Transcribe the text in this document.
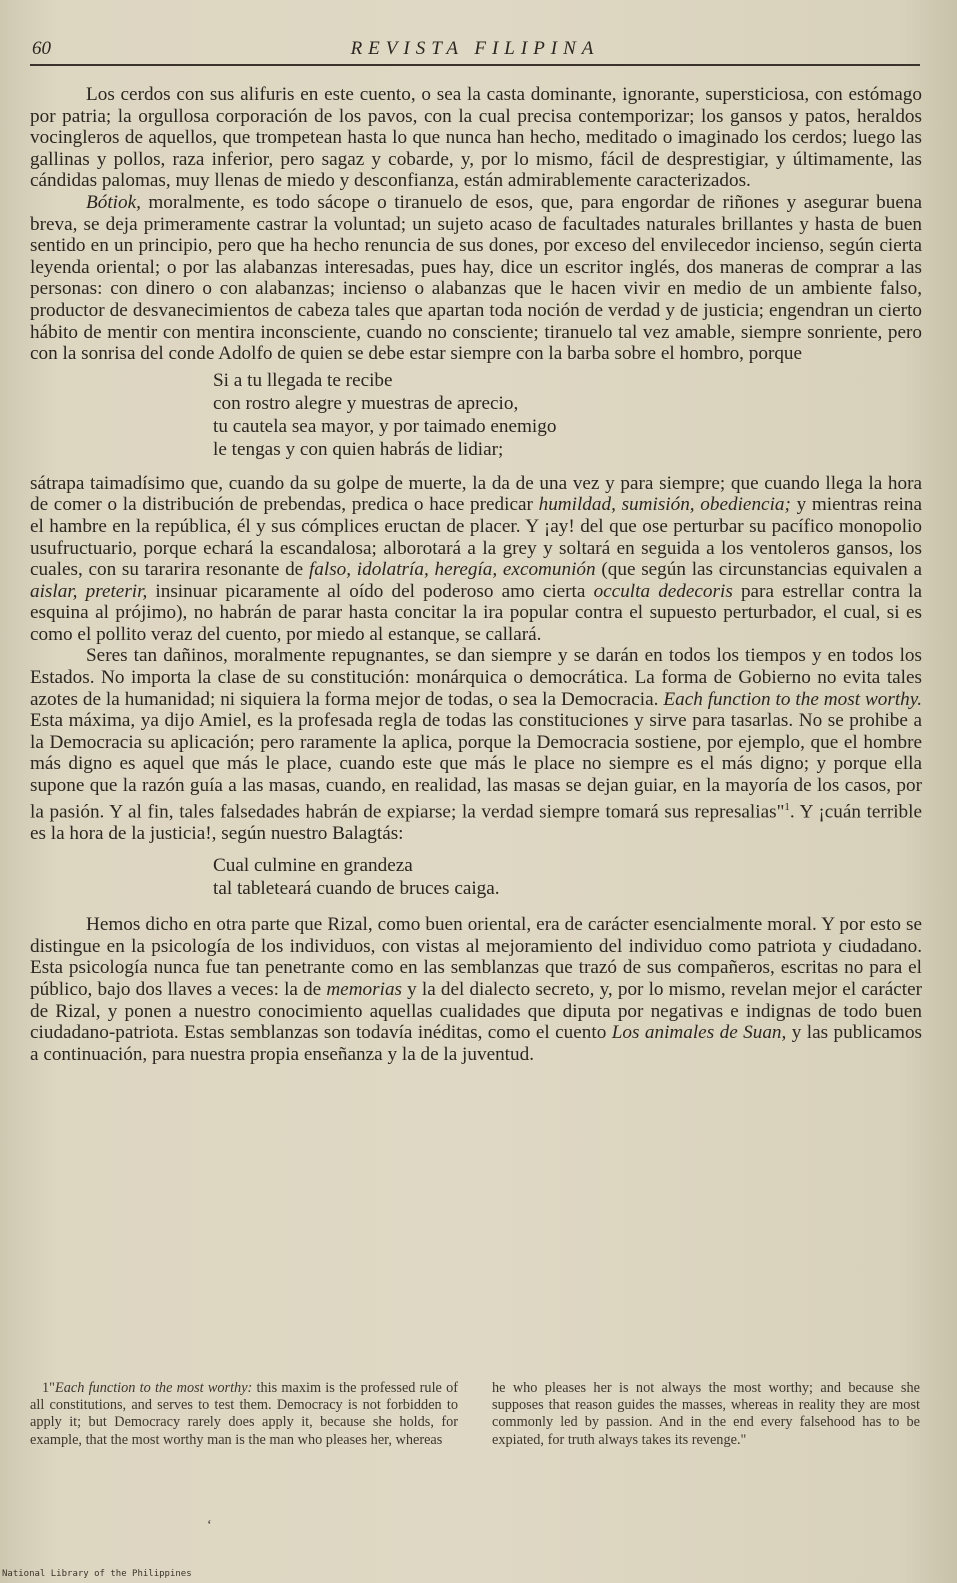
60	REVISTA FILIPINA

Los cerdos con sus alifuris en este cuento, o sea la casta dominante, ignorante, supersticiosa, con estómago por patria; la orgullosa corporación de los pavos, con la cual precisa contemporizar; los gansos y patos, heraldos vocingleros de aquellos, que trompetean hasta lo que nunca han hecho, meditado o imaginado los cerdos; luego las gallinas y pollos, raza inferior, pero sagaz y cobarde, y, por lo mismo, fácil de desprestigiar, y últimamente, las cándidas palomas, muy llenas de miedo y desconfianza, están admirablemente caracterizados.

Bótiok, moralmente, es todo sácope o tiranuelo de esos, que, para engordar de riñones y asegurar buena breva, se deja primeramente castrar la voluntad; un sujeto acaso de facultades naturales brillantes y hasta de buen sentido en un principio, pero que ha hecho renuncia de sus dones, por exceso del envilecedor incienso, según cierta leyenda oriental; o por las alabanzas interesadas, pues hay, dice un escritor inglés, dos maneras de comprar a las personas: con dinero o con alabanzas; incienso o alabanzas que le hacen vivir en medio de un ambiente falso, productor de desvanecimientos de cabeza tales que apartan toda noción de verdad y de justicia; engendran un cierto hábito de mentir con mentira inconsciente, cuando no consciente; tiranuelo tal vez amable, siempre sonriente, pero con la sonrisa del conde Adolfo de quien se debe estar siempre con la barba sobre el hombro, porque

Si a tu llegada te recibe
con rostro alegre y muestras de aprecio,
tu cautela sea mayor, y por taimado enemigo
le tengas y con quien habrás de lidiar;

sátrapa taimadísimo que, cuando da su golpe de muerte, la da de una vez y para siempre; que cuando llega la hora de comer o la distribución de prebendas, predica o hace predicar humildad, sumisión, obediencia; y mientras reina el hambre en la república, él y sus cómplices eructan de placer. Y ¡ay! del que ose perturbar su pacífico monopolio usufructuario, porque echará la escandalosa; alborotará a la grey y soltará en seguida a los ventoleros gansos, los cuales, con su tararira resonante de falso, idolatría, heregía, excomunión (que según las circunstancias equivalen a aislar, preterir, insinuar picaramente al oído del poderoso amo cierta occulta dedecoris para estrellar contra la esquina al prójimo), no habrán de parar hasta concitar la ira popular contra el supuesto perturbador, el cual, si es como el pollito veraz del cuento, por miedo al estanque, se callará.

Seres tan dañinos, moralmente repugnantes, se dan siempre y se darán en todos los tiempos y en todos los Estados. No importa la clase de su constitución: monárquica o democrática. La forma de Gobierno no evita tales azotes de la humanidad; ni siquiera la forma mejor de todas, o sea la Democracia. Each function to the most worthy. Esta máxima, ya dijo Amiel, es la profesada regla de todas las constituciones y sirve para tasarlas. No se prohibe a la Democracia su aplicación; pero raramente la aplica, porque la Democracia sostiene, por ejemplo, que el hombre más digno es aquel que más le place, cuando este que más le place no siempre es el más digno; y porque ella supone que la razón guía a las masas, cuando, en realidad, las masas se dejan guiar, en la mayoría de los casos, por la pasión. Y al fin, tales falsedades habrán de expiarse; la verdad siempre tomará sus represalias"$^1$. Y ¡cuán terrible es la hora de la justicia!, según nuestro Balagtás:

Cual culmine en grandeza
tal tableteará cuando de bruces caiga.

Hemos dicho en otra parte que Rizal, como buen oriental, era de carácter esencialmente moral. Y por esto se distingue en la psicología de los individuos, con vistas al mejoramiento del individuo como patriota y ciudadano. Esta psicología nunca fue tan penetrante como en las semblanzas que trazó de sus compañeros, escritas no para el público, bajo dos llaves a veces: la de memorias y la del dialecto secreto, y, por lo mismo, revelan mejor el carácter de Rizal, y ponen a nuestro conocimiento aquellas cualidades que diputa por negativas e indignas de todo buen ciudadano-patriota. Estas semblanzas son todavía inéditas, como el cuento Los animales de Suan, y las publicamos a continuación, para nuestra propia enseñanza y la de la juventud.

1"Each function to the most worthy: this maxim is the professed rule of all constitutions, and serves to test them. Democracy is not forbidden to apply it; but Democracy rarely does apply it, because she holds, for example, that the most worthy man is the man who pleases her, whereas

he who pleases her is not always the most worthy; and because she supposes that reason guides the masses, whereas in reality they are most commonly led by passion. And in the end every falsehood has to be expiated, for truth always takes its revenge."

‘
National Library of the Philippines
